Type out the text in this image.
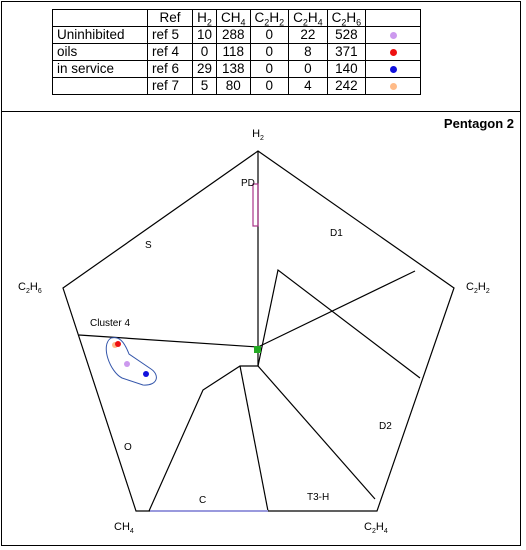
	Ref	$H_2$	$CH_4$	$C_2H_2$	$C_2H_4$	$C_2H_6$	
Uninhibited	ref 5	10	288	0	22	528	
oils	ref 4	0	118	0	8	371	
in service	ref 6	29	138	0	0	140	
	ref 7	5	80	0	4	242	
Pentagon 2
Cluster 4
PD
S
D1
D2
O
C	T3-H
$H_2$
$C_2H_6$	$C_2H_2$
$CH_4$	$C_2H_4$
